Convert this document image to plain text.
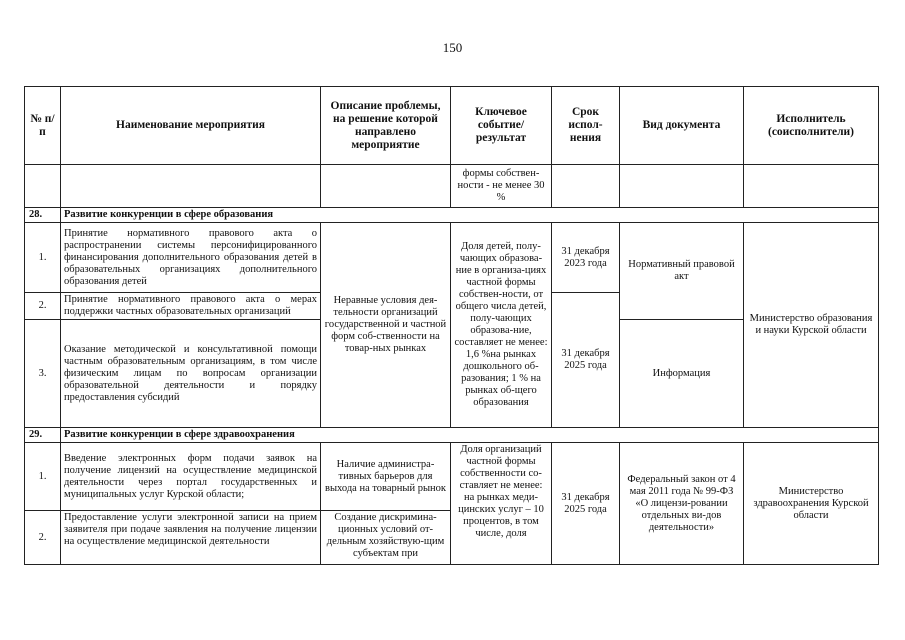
150
№ п/п	Наименование мероприятия	Описание проблемы, на решение которой направлено мероприятие	Ключевое событие/ результат	Срок испол-нения	Вид документа	Исполнитель (соисполнители)
			формы собствен-ности - не менее 30 %			
28.	Развитие конкуренции в сфере образования					
1.	Принятие нормативного правового акта о распространении системы персонифицированного финансирования дополнительного образования детей в образовательных организациях дополнительного образования детей	Неравные условия дея-тельности организаций государственной и частной форм соб-ственности на товар-ных рынках	Доля детей, полу-чающих образова-ние в организа-циях частной формы собствен-ности, от общего числа детей, полу-чающих образова-ние, составляет не менее: 1,6 %на рынках дошкольного об-разования; 1 % на рынках об-щего образования	31 декабря 2023 года	Нормативный правовой акт	Министерство образования и науки Курской области
2.	Принятие нормативного правового акта о мерах поддержки частных образовательных организаций			31 декабря 2025 года		
3.	Оказание методической и консультативной помощи частным образовательным организациям, в том числе физическим лицам по вопросам организации образовательной деятельности и порядку предоставления субсидий				Информация	
29.	Развитие конкуренции в сфере здравоохранения					
1.	Введение электронных форм подачи заявок на получение лицензий на осуществление медицинской деятельности через портал государственных и муниципальных услуг Курской области;	Наличие администра-тивных барьеров для выхода на товарный рынок	Доля организаций частной формы собственности со-ставляет не менее: на рынках меди-цинских услуг – 10 процентов, в том числе, доля	31 декабря 2025 года	Федеральный закон от 4 мая 2011 года № 99-ФЗ «О лицензи-ровании отдельных ви-дов деятельности»	Министерство здравоохранения Курской области
2.	Предоставление услуги электронной записи на прием заявителя при подаче заявления на получение лицензии на осуществление медицинской деятельности	Создание дискримина-ционных условий от-дельным хозяйствую-щим субъектам при				
